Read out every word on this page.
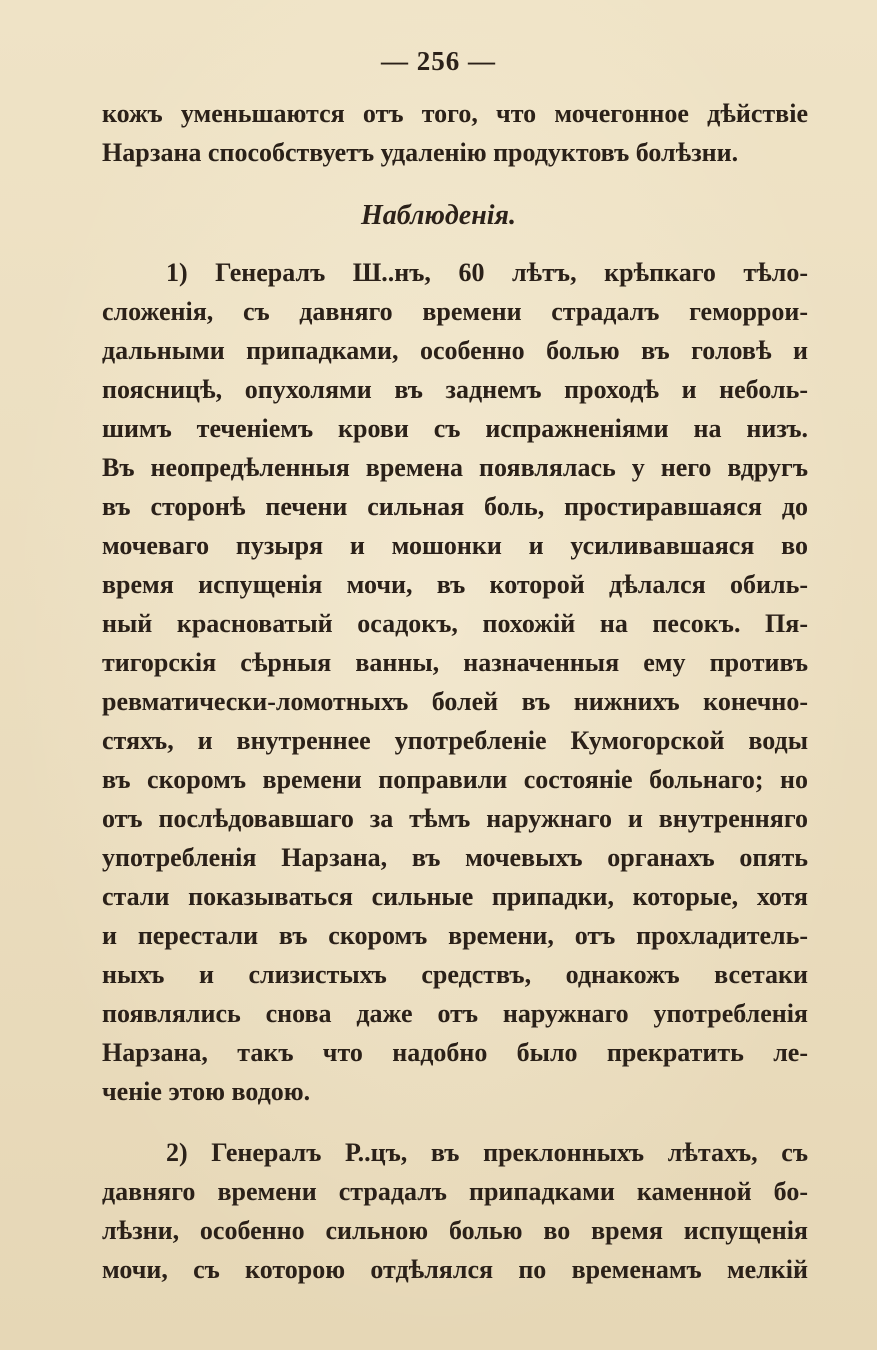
— 256 —
кожъ уменьшаются отъ того, что мочегонное дѣйствіе
Нарзана способствуетъ удаленію продуктовъ болѣзни.
Наблюденія.
1) Генералъ Ш..нъ, 60 лѣтъ, крѣпкаго тѣло-
сложенія, съ давняго времени страдалъ геморрои-
дальными припадками, особенно болью въ головѣ и
поясницѣ, опухолями въ заднемъ проходѣ и неболь-
шимъ теченіемъ крови съ испражненіями на низъ.
Въ неопредѣленныя времена появлялась у него вдругъ
въ сторонѣ печени сильная боль, простиравшаяся до
мочеваго пузыря и мошонки и усиливавшаяся во
время испущенія мочи, въ которой дѣлался обиль-
ный красноватый осадокъ, похожій на песокъ. Пя-
тигорскія сѣрныя ванны, назначенныя ему противъ
ревматически-ломотныхъ болей въ нижнихъ конечно-
стяхъ, и внутреннее употребленіе Кумогорской воды
въ скоромъ времени поправили состояніе больнаго; но
отъ послѣдовавшаго за тѣмъ наружнаго и внутренняго
употребленія Нарзана, въ мочевыхъ органахъ опять
стали показываться сильные припадки, которые, хотя
и перестали въ скоромъ времени, отъ прохладитель-
ныхъ и слизистыхъ средствъ, однакожъ всетаки
появлялись снова даже отъ наружнаго употребленія
Нарзана, такъ что надобно было прекратить ле-
ченіе этою водою.
2) Генералъ Р..цъ, въ преклонныхъ лѣтахъ, съ
давняго времени страдалъ припадками каменной бо-
лѣзни, особенно сильною болью во время испущенія
мочи, съ которою отдѣлялся по временамъ мелкій
